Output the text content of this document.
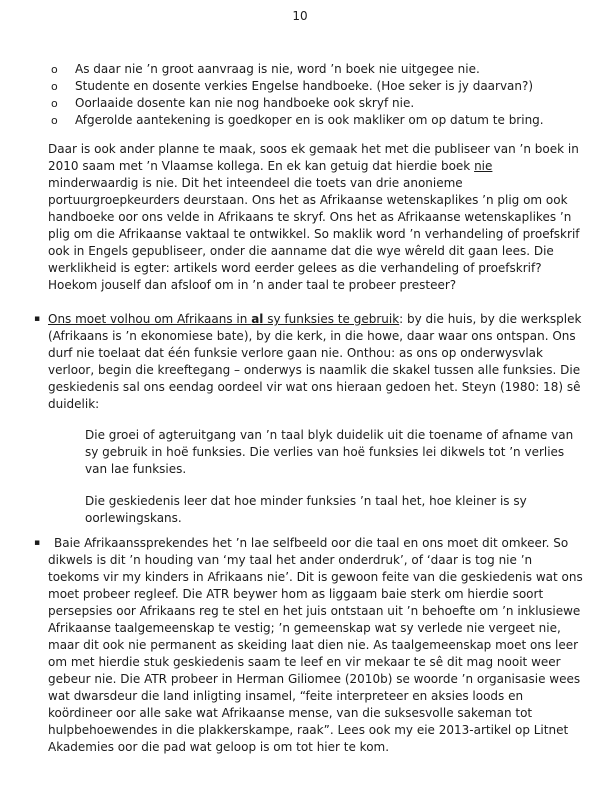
10
o As daar nie ’n groot aanvraag is nie, word ’n boek nie uitgegee nie.
o Studente en dosente verkies Engelse handboeke. (Hoe seker is jy daarvan?)
o Oorlaaide dosente kan nie nog handboeke ook skryf nie.
o Afgerolde aantekening is goedkoper en is ook makliker om op datum te bring.

Daar is ook ander planne te maak, soos ek gemaak het met die publiseer van ’n boek in 2010 saam met ’n Vlaamse kollega. En ek kan getuig dat hierdie boek nie minderwaardig is nie. Dit het inteendeel die toets van drie anonieme portuurgroepkeurders deurstaan. Ons het as Afrikaanse wetenskaplikes ’n plig om ook handboeke oor ons velde in Afrikaans te skryf. Ons het as Afrikaanse wetenskaplikes ’n plig om die Afrikaanse vaktaal te ontwikkel. So maklik word ’n verhandeling of proefskrif ook in Engels gepubliseer, onder die aanname dat die wye wêreld dit gaan lees. Die werklikheid is egter: artikels word eerder gelees as die verhandeling of proefskrif? Hoekom jouself dan afsloof om in ’n ander taal te probeer presteer?

▪ Ons moet volhou om Afrikaans in al sy funksies te gebruik: by die huis, by die werksplek (Afrikaans is ’n ekonomiese bate), by die kerk, in die howe, daar waar ons ontspan. Ons durf nie toelaat dat één funksie verlore gaan nie. Onthou: as ons op onderwysvlak verloor, begin die kreeftegang – onderwys is naamlik die skakel tussen alle funksies. Die geskiedenis sal ons eendag oordeel vir wat ons hieraan gedoen het. Steyn (1980: 18) sê duidelik:
Die groei of agteruitgang van ’n taal blyk duidelik uit die toename of afname van sy gebruik in hoë funksies. Die verlies van hoë funksies lei dikwels tot ’n verlies van lae funksies.
Die geskiedenis leer dat hoe minder funksies ’n taal het, hoe kleiner is sy oorlewingskans.
▪ Baie Afrikaanssprekendes het ’n lae selfbeeld oor die taal en ons moet dit omkeer. So dikwels is dit ’n houding van ‘my taal het ander onderdruk’, of ‘daar is tog nie ’n toekoms vir my kinders in Afrikaans nie’. Dit is gewoon feite van die geskiedenis wat ons moet probeer regleef. Die ATR beywer hom as liggaam baie sterk om hierdie soort persepsies oor Afrikaans reg te stel en het juis ontstaan uit ’n behoefte om ’n inklusiewe Afrikaanse taalgemeenskap te vestig; ’n gemeenskap wat sy verlede nie vergeet nie, maar dit ook nie permanent as skeiding laat dien nie. As taalgemeenskap moet ons leer om met hierdie stuk geskiedenis saam te leef en vir mekaar te sê dit mag nooit weer gebeur nie. Die ATR probeer in Herman Giliomee (2010b) se woorde ’n organisasie wees wat dwarsdeur die land inligting insamel, “feite interpreteer en aksies loods en koördineer oor alle sake wat Afrikaanse mense, van die suksesvolle sakeman tot hulpbehoewendes in die plakkerskampe, raak”. Lees ook my eie 2013-artikel op Litnet Akademies oor die pad wat geloop is om tot hier te kom.
